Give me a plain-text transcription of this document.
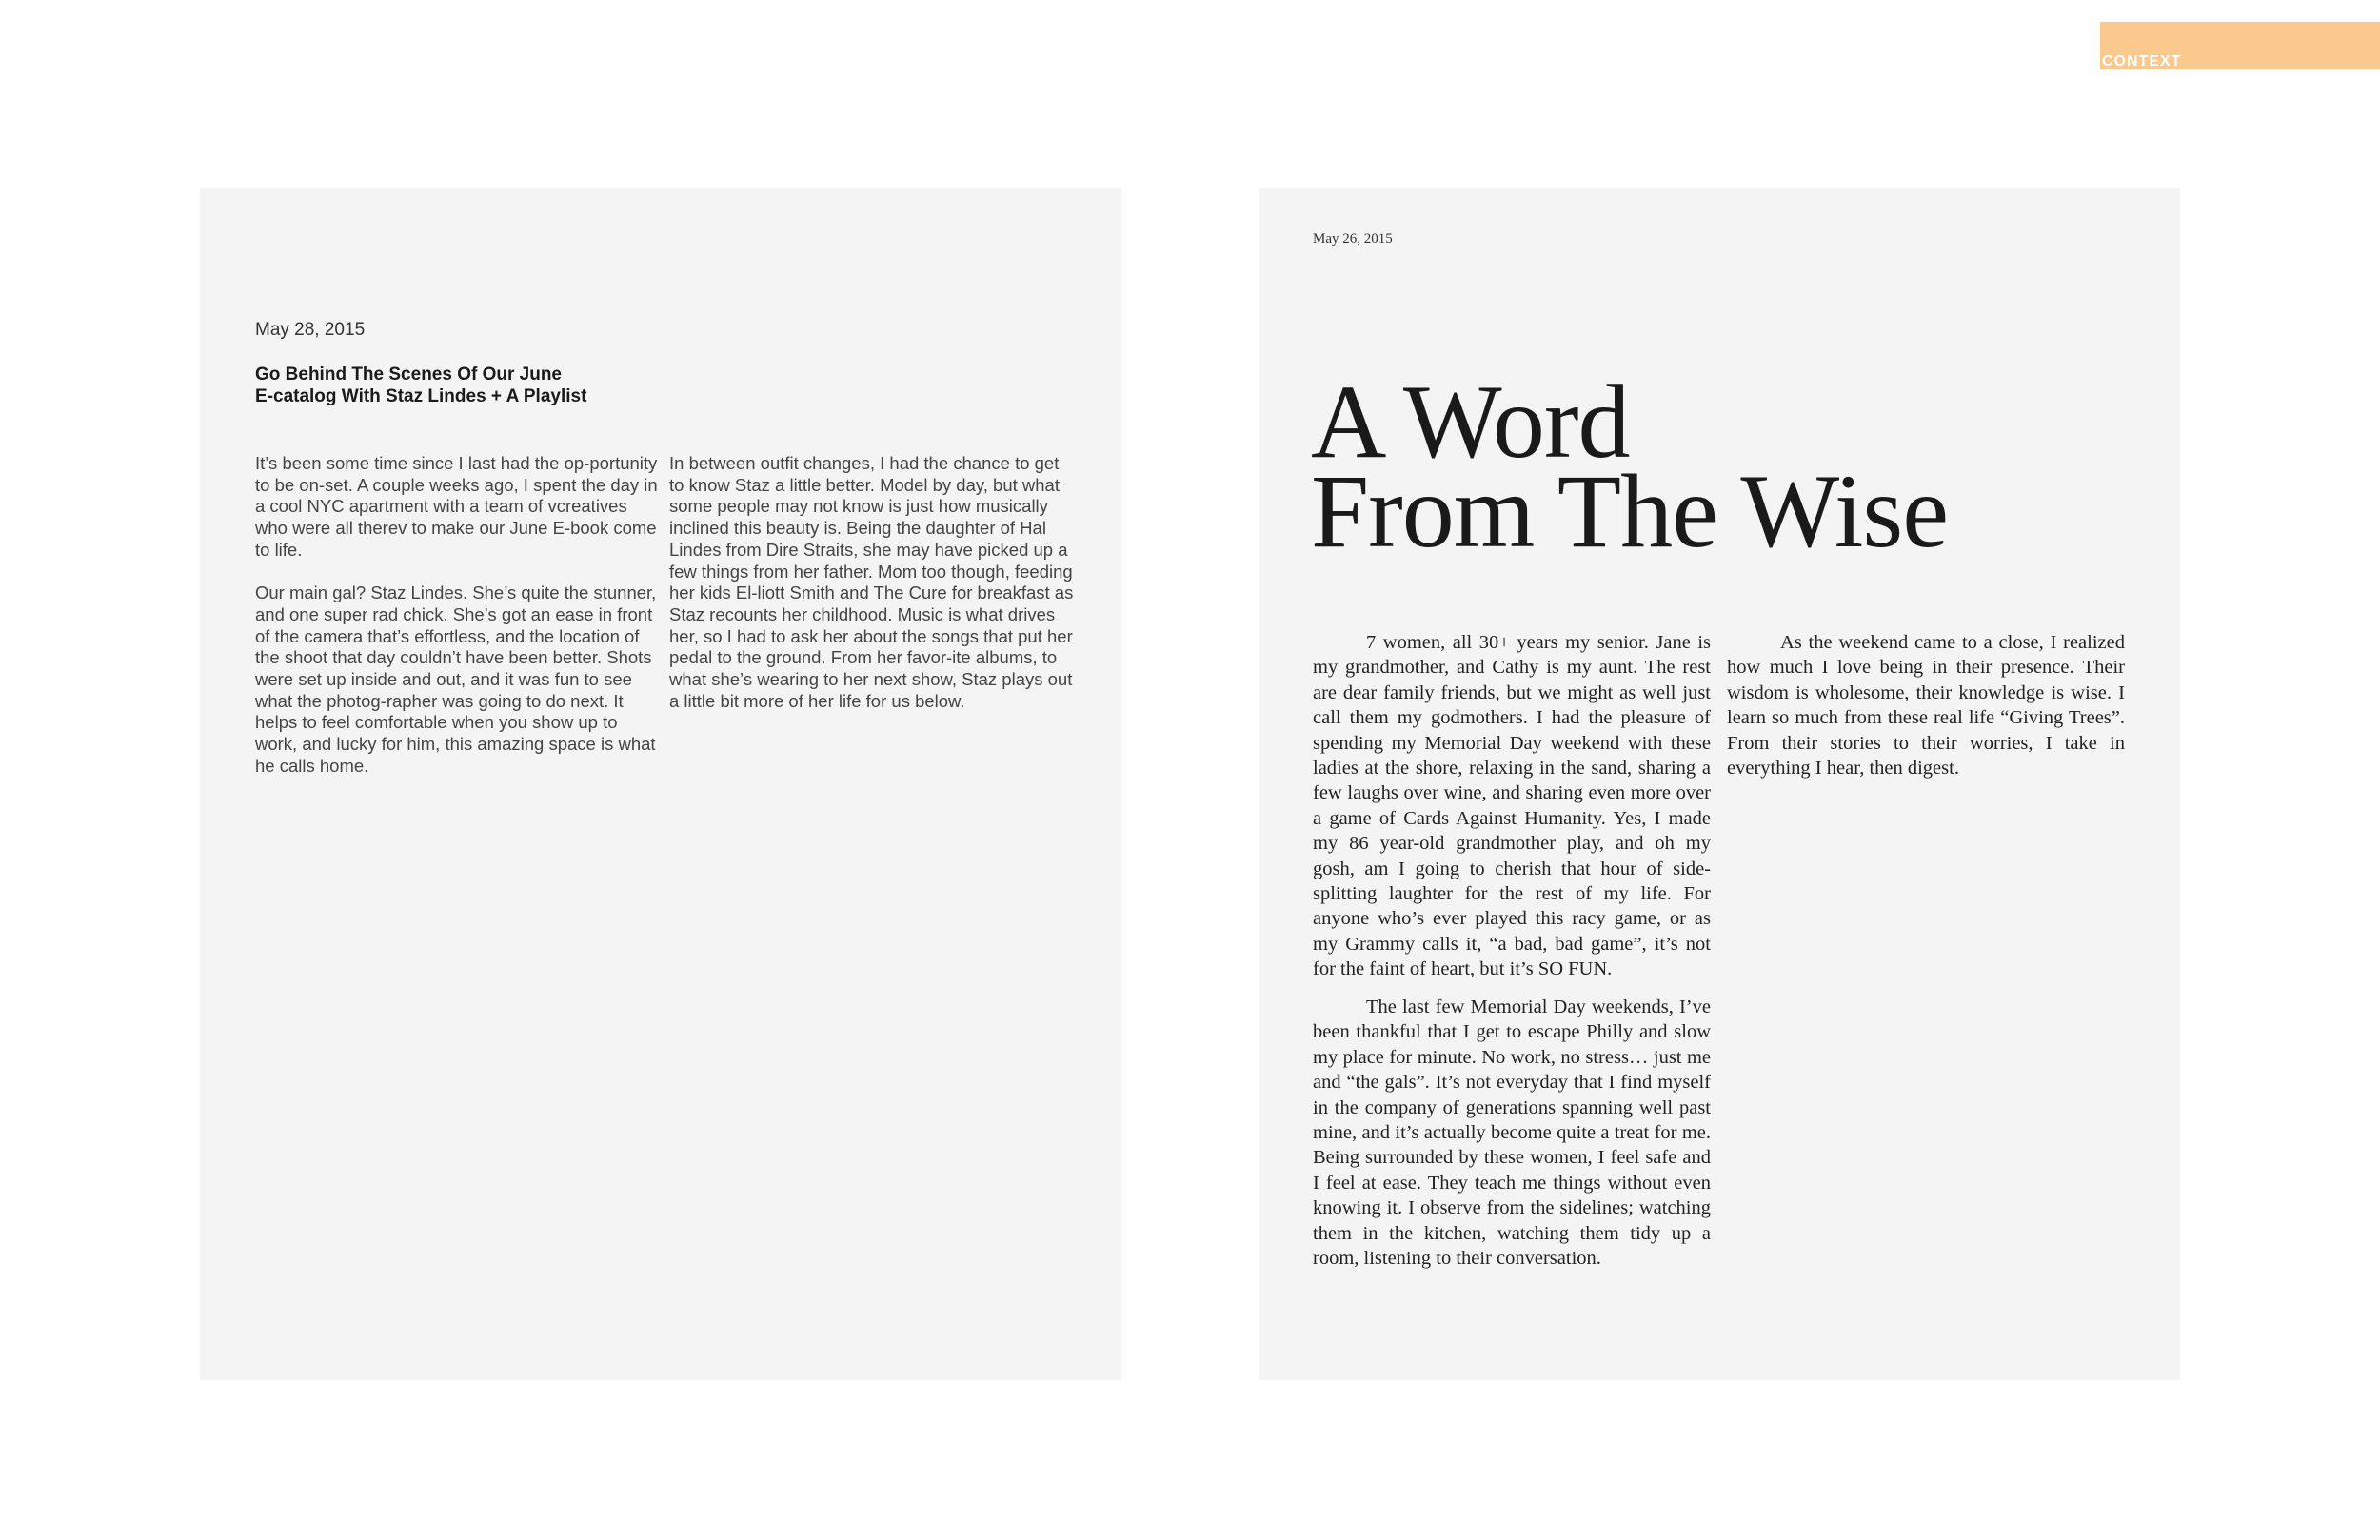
CONTEXT
May 28, 2015
Go Behind The Scenes Of Our June
E-catalog With Staz Lindes + A Playlist

It’s been some time since I last had the op-portunity to be on-set. A couple weeks ago, I spent the day in a cool NYC apartment with a team of vcreatives who were all therev to make our June E-book come to life.

Our main gal? Staz Lindes. She’s quite the stunner, and one super rad chick. She’s got an ease in front of the camera that’s effortless, and the location of the shoot that day couldn’t have been better. Shots were set up inside and out, and it was fun to see what the photog-rapher was going to do next. It helps to feel comfortable when you show up to work, and lucky for him, this amazing space is what he calls home.

In between outfit changes, I had the chance to get to know Staz a little better. Model by day, but what some people may not know is just how musically inclined this beauty is. Being the daughter of Hal Lindes from Dire Straits, she may have picked up a few things from her father. Mom too though, feeding her kids El-liott Smith and The Cure for breakfast as Staz recounts her childhood. Music is what drives her, so I had to ask her about the songs that put her pedal to the ground. From her favor-ite albums, to what she’s wearing to her next show, Staz plays out a little bit more of her life for us below.

May 26, 2015
A Word
From The Wise

7 women, all 30+ years my senior. Jane is my grandmother, and Cathy is my aunt. The rest are dear family friends, but we might as well just call them my godmothers. I had the pleasure of spending my Memorial Day weekend with these ladies at the shore, relaxing in the sand, sharing a few laughs over wine, and sharing even more over a game of Cards Against Humanity. Yes, I made my 86 year-old grandmother play, and oh my gosh, am I going to cherish that hour of side-splitting laughter for the rest of my life. For anyone who’s ever played this racy game, or as my Grammy calls it, “a bad, bad game”, it’s not for the faint of heart, but it’s SO FUN.

The last few Memorial Day weekends, I’ve been thankful that I get to escape Philly and slow my place for minute. No work, no stress… just me and “the gals”. It’s not everyday that I find myself in the company of generations spanning well past mine, and it’s actually become quite a treat for me. Being surrounded by these women, I feel safe and I feel at ease. They teach me things without even knowing it. I observe from the sidelines; watching them in the kitchen, watching them tidy up a room, listening to their conversation.

As the weekend came to a close, I realized how much I love being in their presence. Their wisdom is wholesome, their knowledge is wise. I learn so much from these real life “Giving Trees”. From their stories to their worries, I take in everything I hear, then digest.
